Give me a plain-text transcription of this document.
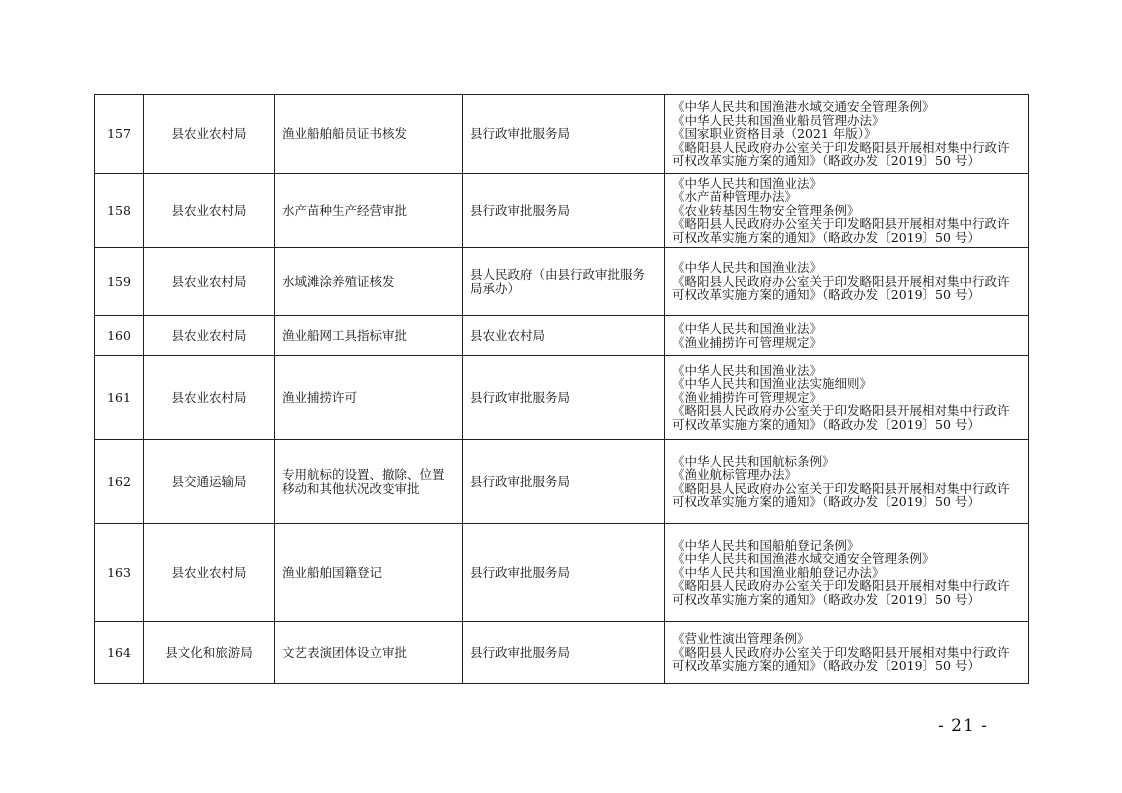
157	县农业农村局	渔业船舶船员证书核发	县行政审批服务局	《中华人民共和国渔港水域交通安全管理条例》
《中华人民共和国渔业船员管理办法》
《国家职业资格目录（2021 年版）》
《略阳县人民政府办公室关于印发略阳县开展相对集中行政许可权改革实施方案的通知》（略政办发〔2019〕50 号）

158	县农业农村局	水产苗种生产经营审批	县行政审批服务局	《中华人民共和国渔业法》
《水产苗种管理办法》
《农业转基因生物安全管理条例》
《略阳县人民政府办公室关于印发略阳县开展相对集中行政许可权改革实施方案的通知》（略政办发〔2019〕50 号）

159	县农业农村局	水域滩涂养殖证核发	县人民政府（由县行政审批服务局承办）	《中华人民共和国渔业法》
《略阳县人民政府办公室关于印发略阳县开展相对集中行政许可权改革实施方案的通知》（略政办发〔2019〕50 号）

160	县农业农村局	渔业船网工具指标审批	县农业农村局	《中华人民共和国渔业法》
《渔业捕捞许可管理规定》

161	县农业农村局	渔业捕捞许可	县行政审批服务局	《中华人民共和国渔业法》
《中华人民共和国渔业法实施细则》
《渔业捕捞许可管理规定》
《略阳县人民政府办公室关于印发略阳县开展相对集中行政许可权改革实施方案的通知》（略政办发〔2019〕50 号）

162	县交通运输局	专用航标的设置、撤除、位置移动和其他状况改变审批	县行政审批服务局	《中华人民共和国航标条例》
《渔业航标管理办法》
《略阳县人民政府办公室关于印发略阳县开展相对集中行政许可权改革实施方案的通知》（略政办发〔2019〕50 号）

163	县农业农村局	渔业船舶国籍登记	县行政审批服务局	《中华人民共和国船舶登记条例》
《中华人民共和国渔港水域交通安全管理条例》
《中华人民共和国渔业船舶登记办法》
《略阳县人民政府办公室关于印发略阳县开展相对集中行政许可权改革实施方案的通知》（略政办发〔2019〕50 号）

164	县文化和旅游局	文艺表演团体设立审批	县行政审批服务局	《营业性演出管理条例》
《略阳县人民政府办公室关于印发略阳县开展相对集中行政许可权改革实施方案的通知》（略政办发〔2019〕50 号）
- 21 -
